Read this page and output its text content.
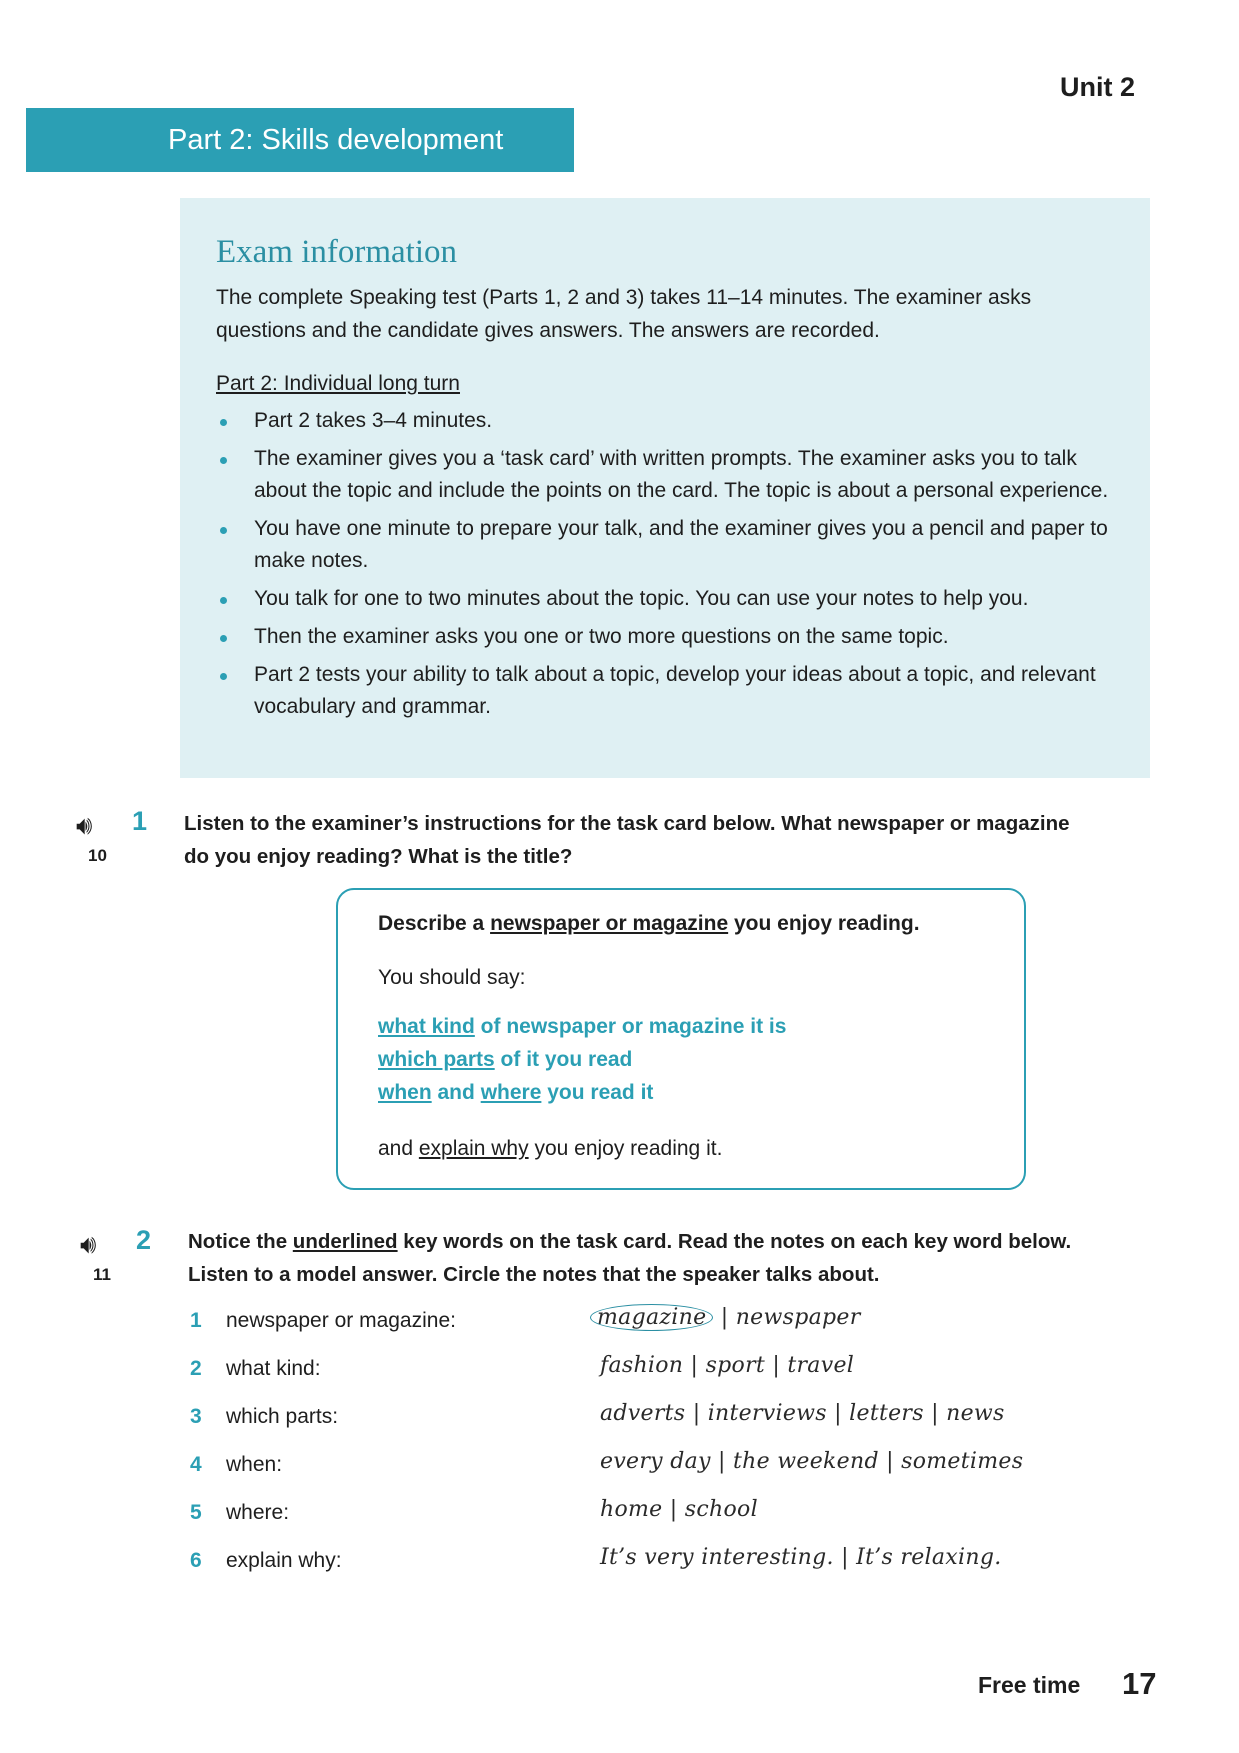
Unit 2
Part 2: Skills development
Exam information
The complete Speaking test (Parts 1, 2 and 3) takes 11–14 minutes. The examiner asks questions and the candidate gives answers. The answers are recorded.
Part 2: Individual long turn
Part 2 takes 3–4 minutes.
The examiner gives you a ‘task card’ with written prompts. The examiner asks you to talk about the topic and include the points on the card. The topic is about a personal experience.
You have one minute to prepare your talk, and the examiner gives you a pencil and paper to make notes.
You talk for one to two minutes about the topic. You can use your notes to help you.
Then the examiner asks you one or two more questions on the same topic.
Part 2 tests your ability to talk about a topic, develop your ideas about a topic, and relevant vocabulary and grammar.
🔊︎ 1
10
Listen to the examiner’s instructions for the task card below. What newspaper or magazine
do you enjoy reading? What is the title?
Describe a newspaper or magazine you enjoy reading.
You should say:
what kind of newspaper or magazine it is
which parts of it you read
when and where you read it
and explain why you enjoy reading it.
🔊︎ 2
11
Notice the underlined key words on the task card. Read the notes on each key word below.
Listen to a model answer. Circle the notes that the speaker talks about.
1	newspaper or magazine:	magazine | newspaper
2	what kind:	fashion | sport | travel
3	which parts:	adverts | interviews | letters | news
4	when:	every day | the weekend | sometimes
5	where:	home | school
6	explain why:	It’s very interesting. | It’s relaxing.
Free time 17
